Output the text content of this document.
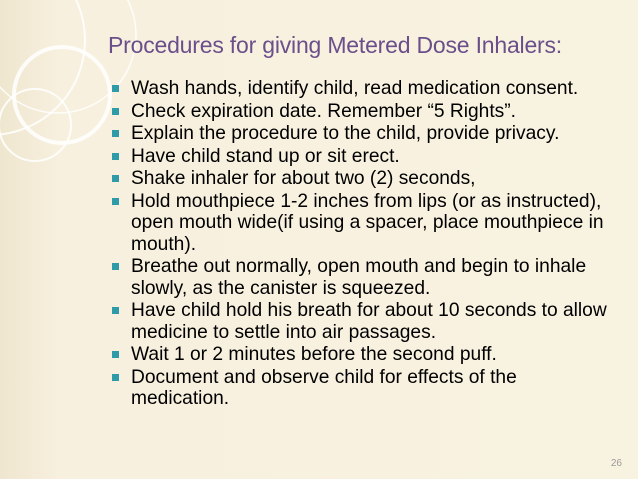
Procedures for giving Metered Dose Inhalers:
Wash hands, identify child, read medication consent.
Check expiration date. Remember “5 Rights”.
Explain the procedure to the child, provide privacy.
Have child stand up or sit erect.
Shake inhaler for about two (2) seconds,
Hold mouthpiece 1-2 inches from lips (or as instructed), open mouth wide(if using a spacer, place mouthpiece in mouth).
Breathe out normally, open mouth and begin to inhale slowly, as the canister is squeezed.
Have child hold his breath for about 10 seconds to allow medicine to settle into air passages.
Wait 1 or 2 minutes before the second puff.
Document and observe child for effects of the medication.
26
